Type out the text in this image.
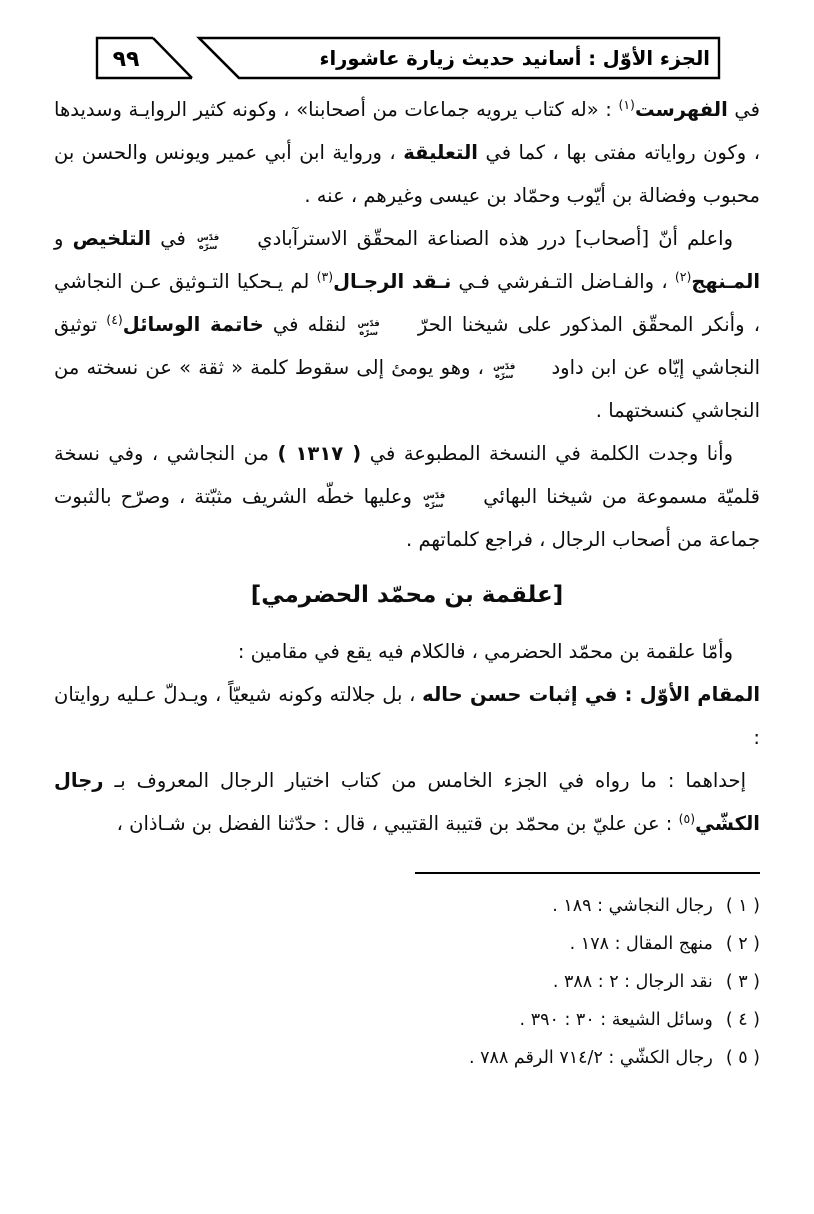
٩٩	الجزء الأوّل : أسانيد حديث زيارة عاشوراء

في الفهرست$^{(١)}$ : «له كتاب يرويه جماعات من أصحابنا» ، وكونه كثير الروايـة وسديدها ، وكون رواياته مفتى بها ، كما في التعليقة ، ورواية ابن أبي عمير ويونس والحسن بن محبوب وفضالة بن أيّوب وحمّاد بن عيسى وغيرهم ، عنه .

واعلم أنّ [أصحاب] درر هذه الصناعة المحقّق الاسترآبادي
قدّس
سرّه
في التلخيص و المـنهج$^{(٢)}$ ، والفـاضل التـفرشي فـي نـقد الرجـال$^{(٣)}$ لم يـحكيا التـوثيق عـن النجاشي ، وأنكر المحقّق المذكور على شيخنا الحرّ
قدّس
سرّه
لنقله في خاتمة الوسائل$^{(٤)}$ توثيق النجاشي إيّاه عن ابن داود
قدّس
سرّه
، وهو يومئ إلى سقوط كلمة « ثقة » عن نسخته من النجاشي كنسختهما .

وأنا وجدت الكلمة في النسخة المطبوعة في ( ١٣١٧ ) من النجاشي ، وفي نسخة قلميّة مسموعة من شيخنا البهائي
قدّس
سرّه
وعليها خطّه الشريف مثبّتة ، وصرّح بالثبوت جماعة من أصحاب الرجال ، فراجع كلماتهم .

[علقمة بن محمّد الحضرمي]

وأمّا علقمة بن محمّد الحضرمي ، فالكلام فيه يقع في مقامين :

المقام الأوّل : في إثبات حسن حاله ، بل جلالته وكونه شيعيّاً ، ويـدلّ عـليه روايتان :

إحداهما : ما رواه في الجزء الخامس من كتاب اختيار الرجال المعروف بـ رجال الكشّي$^{(٥)}$ : عن عليّ بن محمّد بن قتيبة القتيبي ، قال : حدّثنا الفضل بن شـاذان ،

( ١ )
رجال النجاشي : ١٨٩ .
( ٢ )
منهج المقال : ١٧٨ .
( ٣ )
نقد الرجال : ٢ : ٣٨٨ .
( ٤ )
وسائل الشيعة : ٣٠ : ٣٩٠ .
( ٥ )
رجال الكشّي : ٧١٤/٢ الرقم ٧٨٨ .
